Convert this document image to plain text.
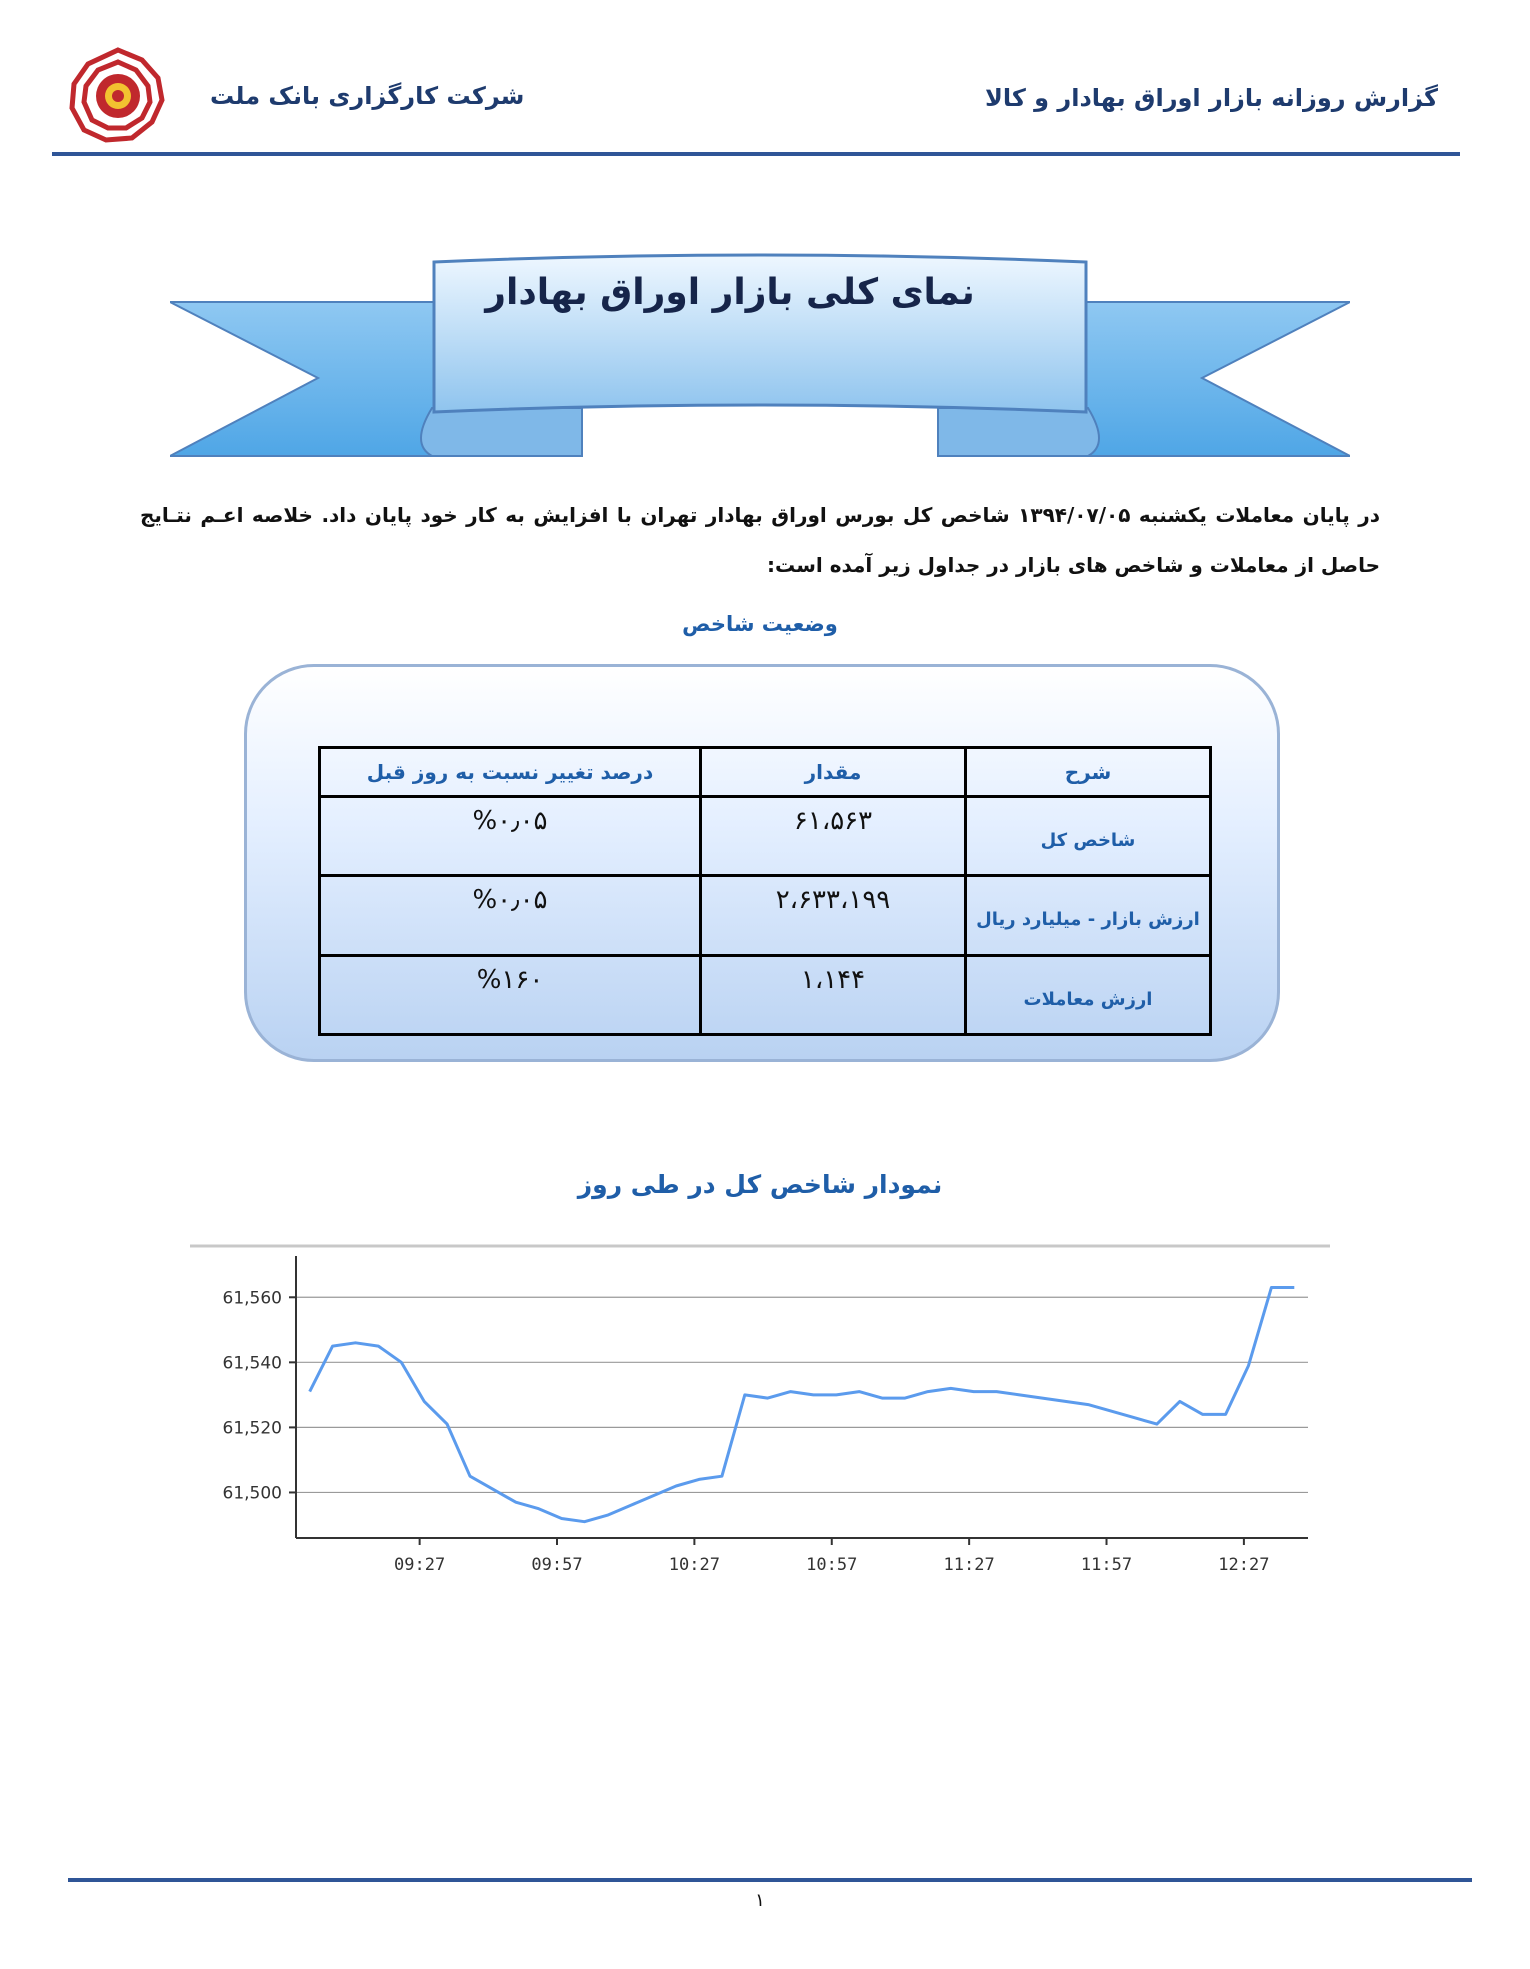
شرکت کارگزاری بانک ملت	گزارش روزانه بازار اوراق بهادار و کالا
نمای کلی بازار اوراق بهادار
در پایان معاملات یکشنبه ۱۳۹۴/۰۷/۰۵ شاخص کل بورس اوراق بهادار تهران با افزایش به کار خود پایان داد. خلاصه اعـم نتـایج حاصل از معاملات و شاخص های بازار در جداول زیر آمده است:
وضعیت شاخص
شرح	مقدار	درصد تغییر نسبت به روز قبل
شاخص کل	۶۱،۵۶۳	%۰٫۰۵
ارزش بازار - میلیارد ریال	۲،۶۳۳،۱۹۹	%۰٫۰۵
ارزش معاملات	۱،۱۴۴	%۱۶۰
نمودار شاخص کل در طی روز
61,500
61,520
61,540
61,560
09:27	09:57	10:27	10:57	11:27	11:57	12:27
۱
